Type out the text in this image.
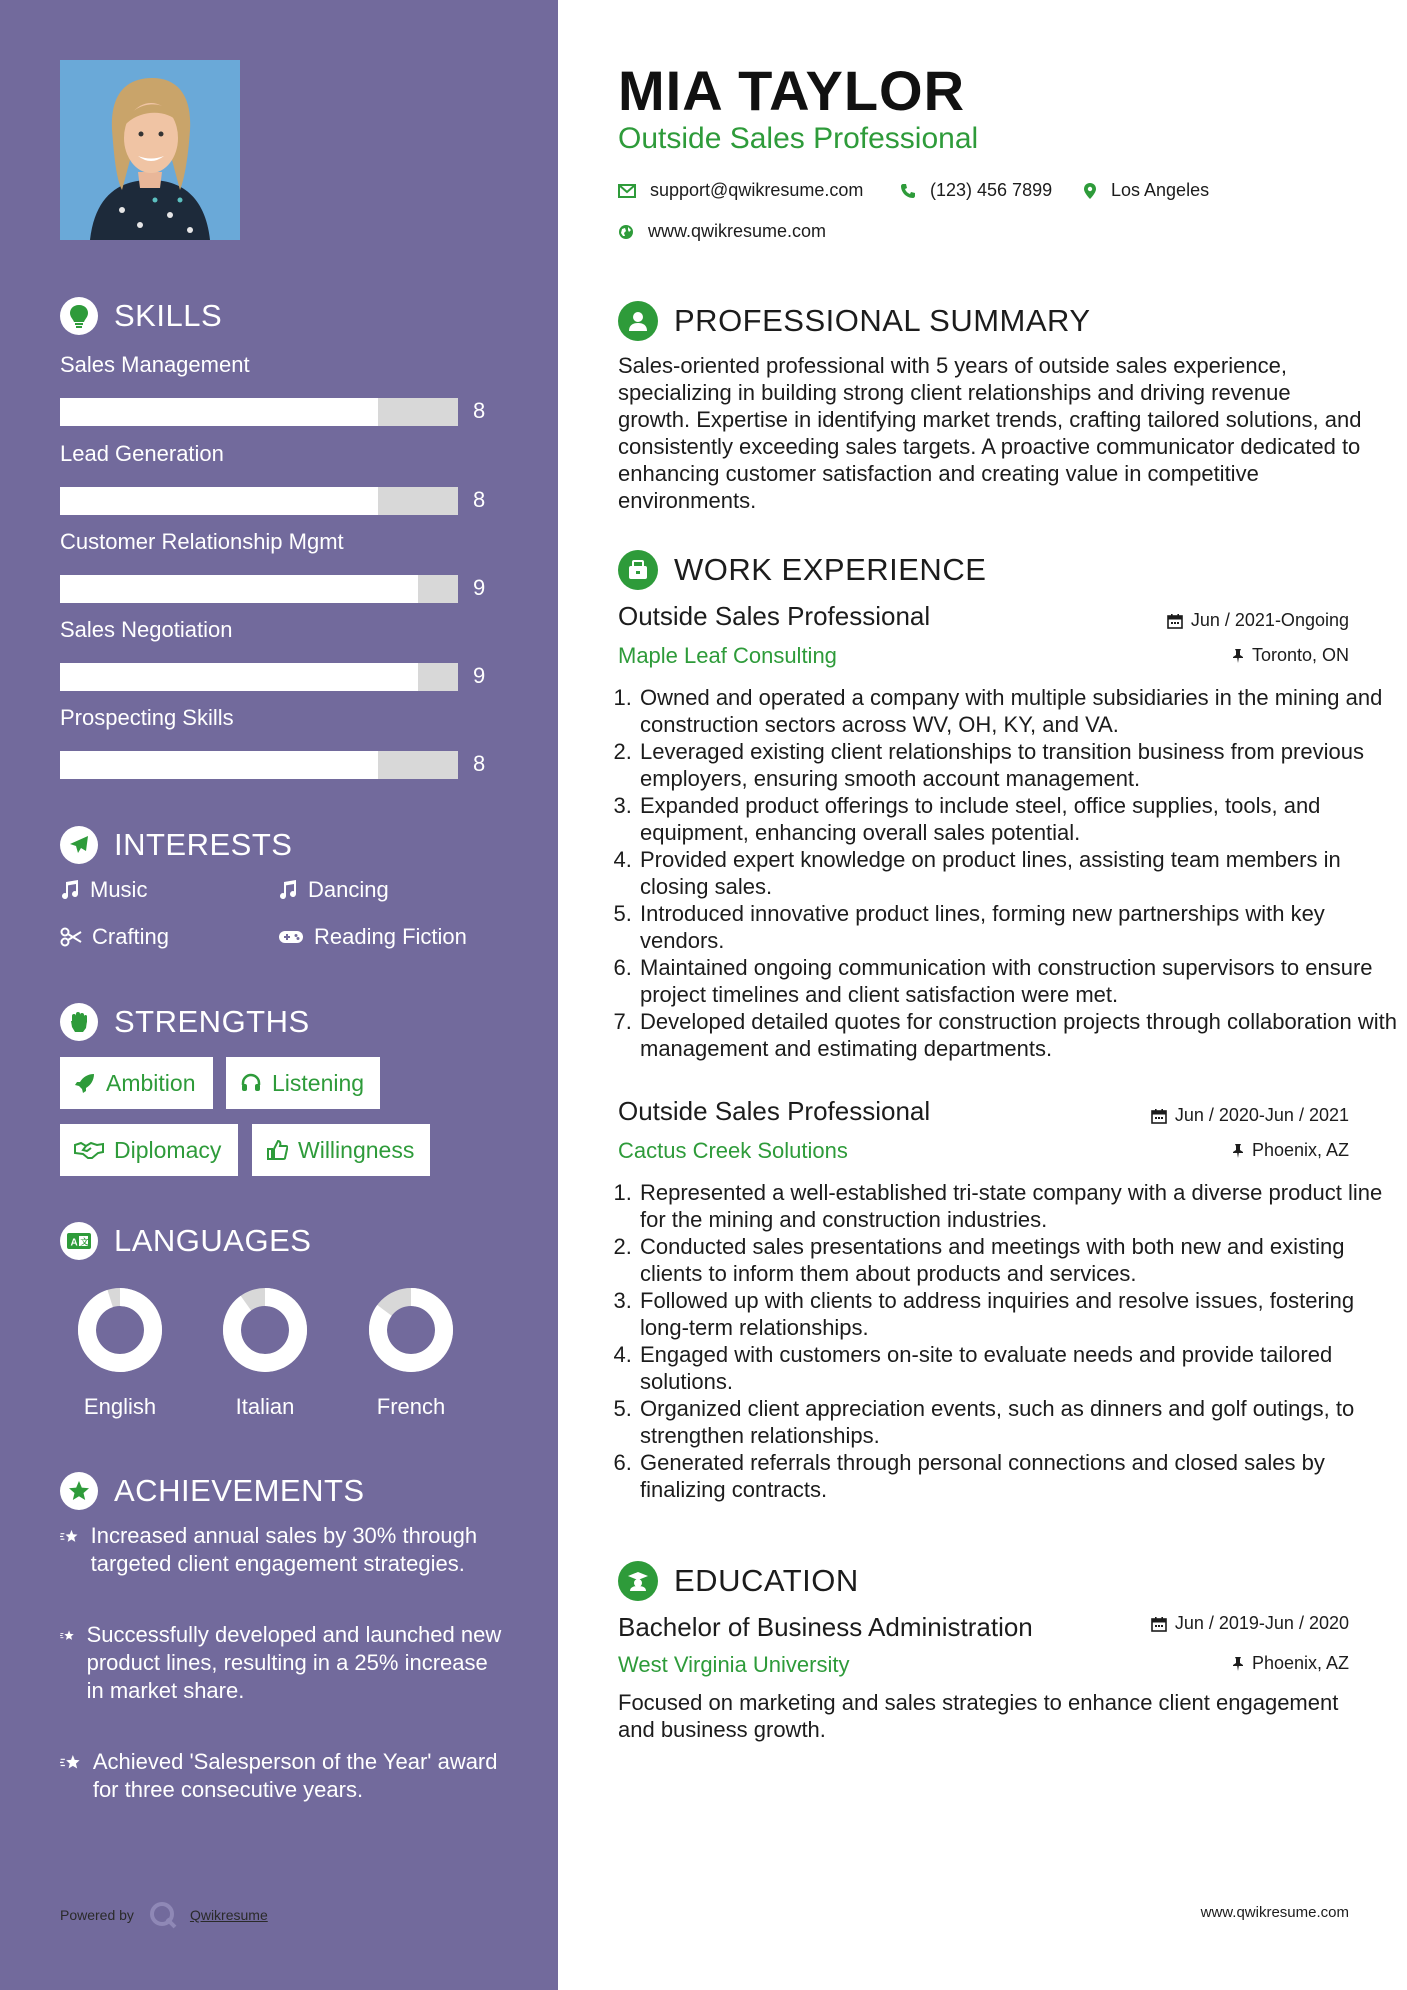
SKILLS
Sales Management
8
Lead Generation
8
Customer Relationship Mgmt
9
Sales Negotiation
9
Prospecting Skills
8
INTERESTS
Music	Dancing
Crafting	Reading Fiction
STRENGTHS
Ambition	Listening
Diplomacy	Willingness
A 文 LANGUAGES
English	Italian	French
ACHIEVEMENTS
Increased annual sales by 30% through targeted client engagement strategies.
Successfully developed and launched new product lines, resulting in a 25% increase in market share.
Achieved 'Salesperson of the Year' award for three consecutive years.
Powered by	Qwikresume
MIA TAYLOR
Outside Sales Professional
support@qwikresume.com	(123) 456 7899	Los Angeles
www.qwikresume.com
PROFESSIONAL SUMMARY
Sales-oriented professional with 5 years of outside sales experience, specializing in building strong client relationships and driving revenue growth. Expertise in identifying market trends, crafting tailored solutions, and consistently exceeding sales targets. A proactive communicator dedicated to enhancing customer satisfaction and creating value in competitive environments.
WORK EXPERIENCE
Outside Sales Professional	Jun / 2021-Ongoing
Maple Leaf Consulting	Toronto, ON
1. Owned and operated a company with multiple subsidiaries in the mining and construction sectors across WV, OH, KY, and VA.
2. Leveraged existing client relationships to transition business from previous employers, ensuring smooth account management.
3. Expanded product offerings to include steel, office supplies, tools, and equipment, enhancing overall sales potential.
4. Provided expert knowledge on product lines, assisting team members in closing sales.
5. Introduced innovative product lines, forming new partnerships with key vendors.
6. Maintained ongoing communication with construction supervisors to ensure project timelines and client satisfaction were met.
7. Developed detailed quotes for construction projects through collaboration with management and estimating departments.
Outside Sales Professional	Jun / 2020-Jun / 2021
Cactus Creek Solutions	Phoenix, AZ
1. Represented a well-established tri-state company with a diverse product line for the mining and construction industries.
2. Conducted sales presentations and meetings with both new and existing clients to inform them about products and services.
3. Followed up with clients to address inquiries and resolve issues, fostering long-term relationships.
4. Engaged with customers on-site to evaluate needs and provide tailored solutions.
5. Organized client appreciation events, such as dinners and golf outings, to strengthen relationships.
6. Generated referrals through personal connections and closed sales by finalizing contracts.
EDUCATION
Bachelor of Business Administration	Jun / 2019-Jun / 2020
West Virginia University	Phoenix, AZ
Focused on marketing and sales strategies to enhance client engagement and business growth.
www.qwikresume.com
